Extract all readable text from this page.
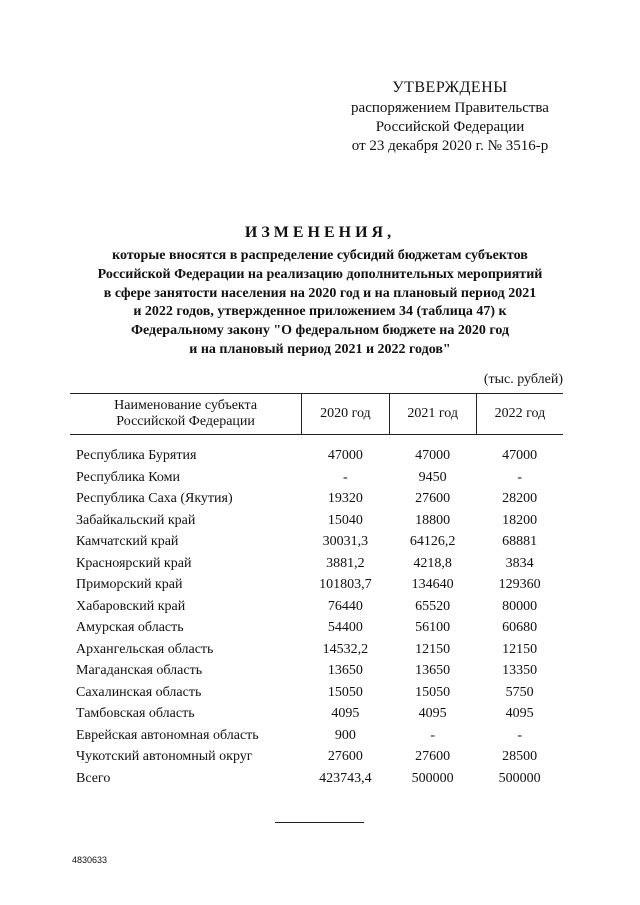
УТВЕРЖДЕНЫ
распоряжением Правительства
Российской Федерации
от 23 декабря 2020 г. № 3516-р
ИЗМЕНЕНИЯ,
которые вносятся в распределение субсидий бюджетам субъектов
Российской Федерации на реализацию дополнительных мероприятий
в сфере занятости населения на 2020 год и на плановый период 2021
и 2022 годов, утвержденное приложением 34 (таблица 47) к
Федеральному закону "О федеральном бюджете на 2020 год
и на плановый период 2021 и 2022 годов"
(тыс. рублей)
Наименование субъекта
Российской Федерации	2020 год	2021 год	2022 год

Республика Бурятия	47000	47000	47000
Республика Коми	-	9450	-
Республика Саха (Якутия)	19320	27600	28200
Забайкальский край	15040	18800	18200
Камчатский край	30031,3	64126,2	68881
Красноярский край	3881,2	4218,8	3834
Приморский край	101803,7	134640	129360
Хабаровский край	76440	65520	80000
Амурская область	54400	56100	60680
Архангельская область	14532,2	12150	12150
Магаданская область	13650	13650	13350
Сахалинская область	15050	15050	5750
Тамбовская область	4095	4095	4095
Еврейская автономная область	900	-	-
Чукотский автономный округ	27600	27600	28500
Всего	423743,4	500000	500000
4830633
